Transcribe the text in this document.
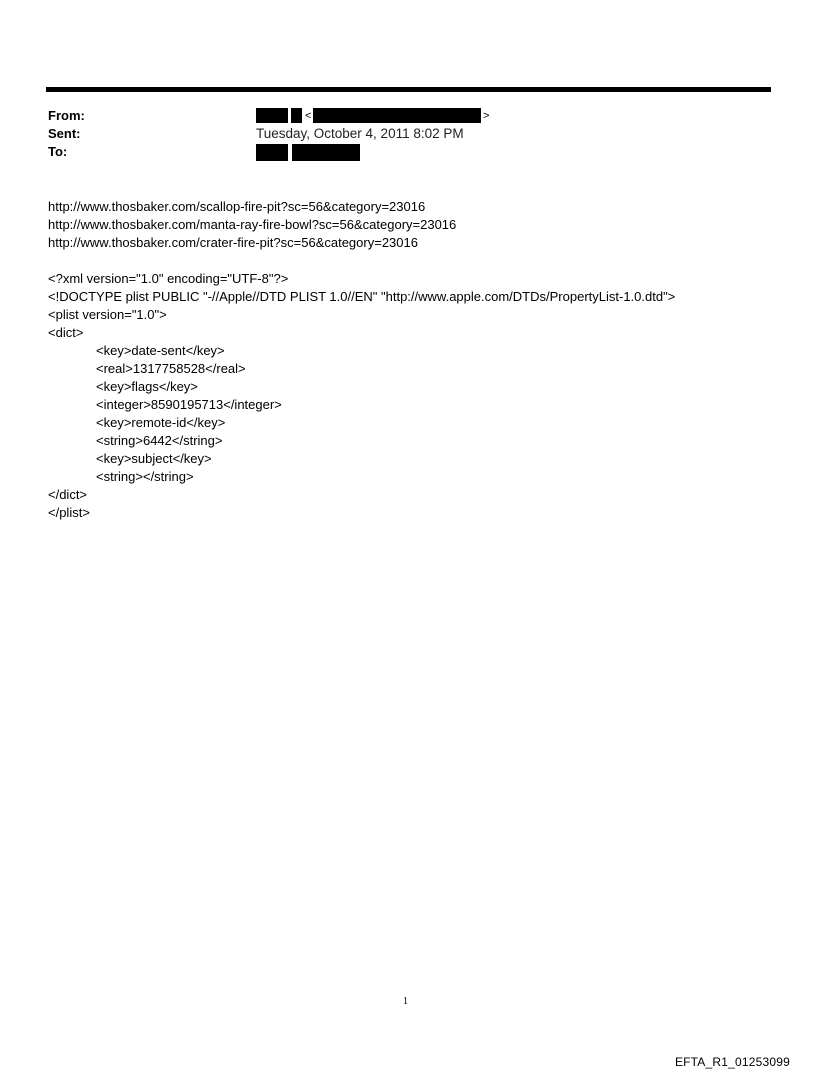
From:	<	>
Sent:	Tuesday, October 4, 2011 8:02 PM
To:
http://www.thosbaker.com/scallop-fire-pit?sc=56&category=23016
http://www.thosbaker.com/manta-ray-fire-bowl?sc=56&category=23016
http://www.thosbaker.com/crater-fire-pit?sc=56&category=23016
<?xml version="1.0" encoding="UTF-8"?>
<!DOCTYPE plist PUBLIC "-//Apple//DTD PLIST 1.0//EN" "http://www.apple.com/DTDs/PropertyList-1.0.dtd">
<plist version="1.0">
<dict>
<key>date-sent</key>
<real>1317758528</real>
<key>flags</key>
<integer>8590195713</integer>
<key>remote-id</key>
<string>6442</string>
<key>subject</key>
<string></string>
</dict>
</plist>
1
EFTA_R1_01253099
